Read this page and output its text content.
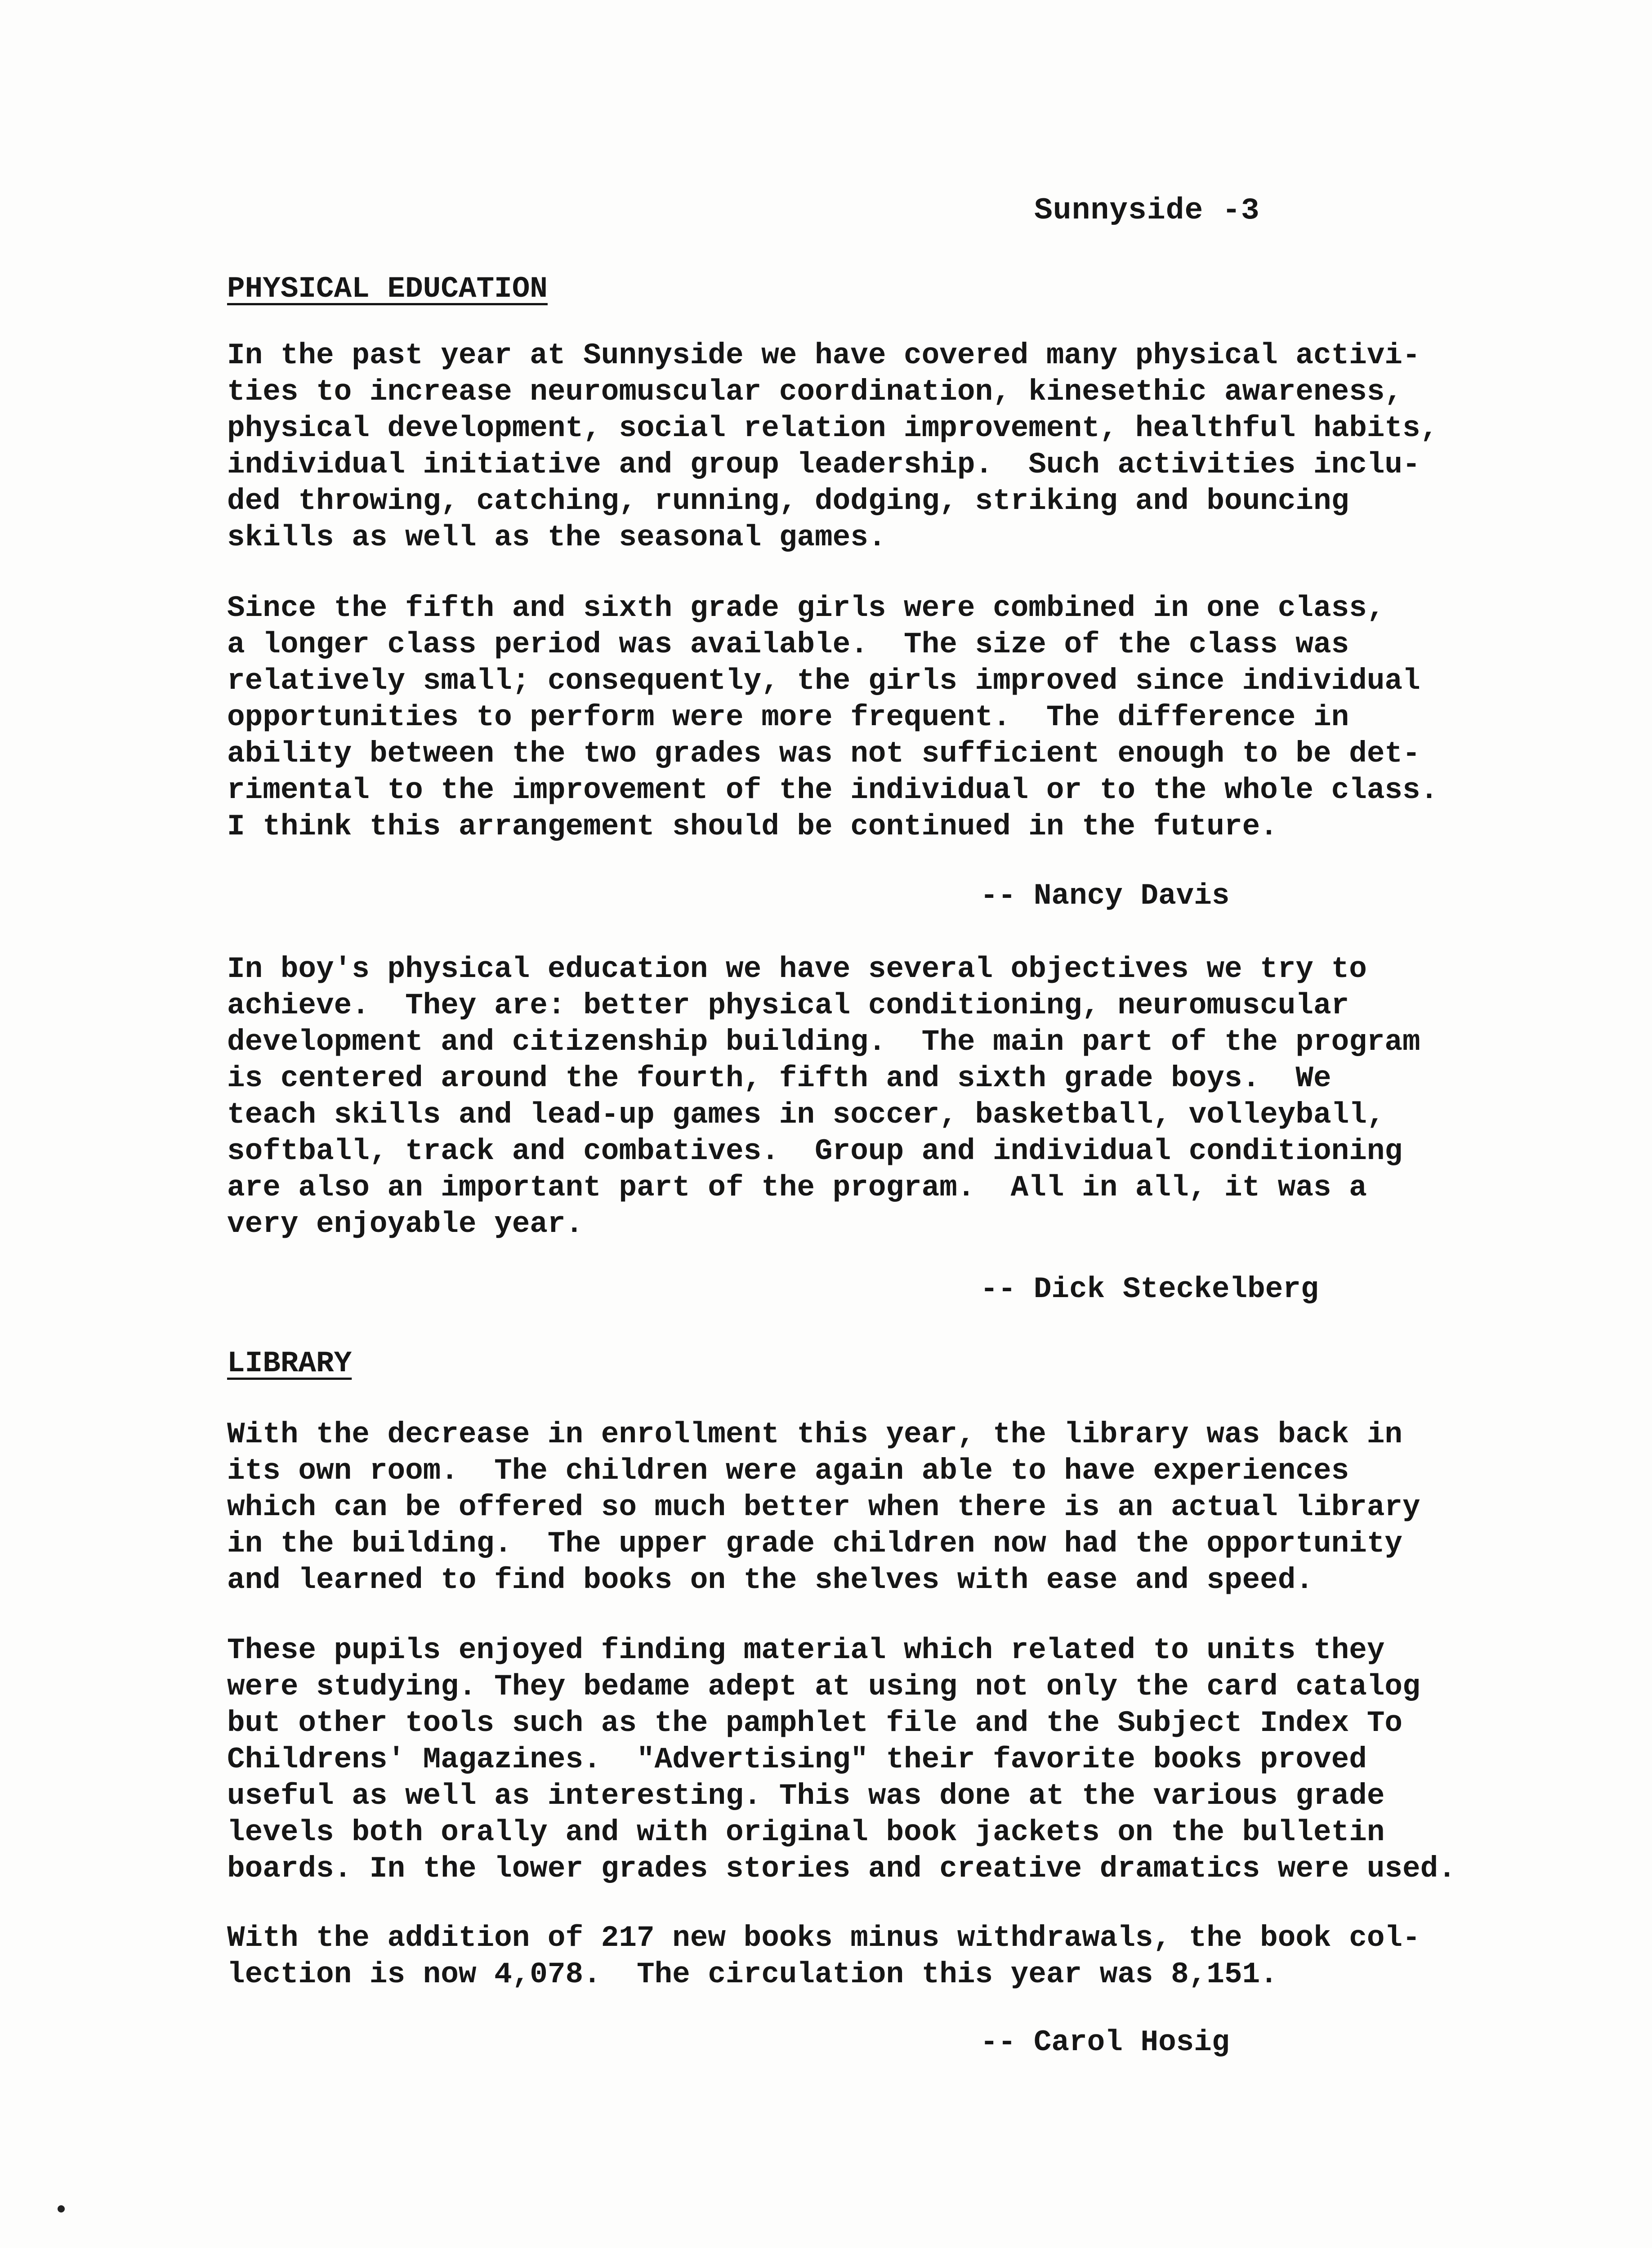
Sunnyside -3
PHYSICAL EDUCATION
In the past year at Sunnyside we have covered many physical activi-
ties to increase neuromuscular coordination, kinesethic awareness,
physical development, social relation improvement, healthful habits,
individual initiative and group leadership.  Such activities inclu-
ded throwing, catching, running, dodging, striking and bouncing
skills as well as the seasonal games.
Since the fifth and sixth grade girls were combined in one class,
a longer class period was available.  The size of the class was
relatively small; consequently, the girls improved since individual
opportunities to perform were more frequent.  The difference in
ability between the two grades was not sufficient enough to be det-
rimental to the improvement of the individual or to the whole class.
I think this arrangement should be continued in the future.
-- Nancy Davis
In boy's physical education we have several objectives we try to
achieve.  They are: better physical conditioning, neuromuscular
development and citizenship building.  The main part of the program
is centered around the fourth, fifth and sixth grade boys.  We
teach skills and lead-up games in soccer, basketball, volleyball,
softball, track and combatives.  Group and individual conditioning
are also an important part of the program.  All in all, it was a
very enjoyable year.
-- Dick Steckelberg
LIBRARY
With the decrease in enrollment this year, the library was back in
its own room.  The children were again able to have experiences
which can be offered so much better when there is an actual library
in the building.  The upper grade children now had the opportunity
and learned to find books on the shelves with ease and speed.
These pupils enjoyed finding material which related to units they
were studying. They bedame adept at using not only the card catalog
but other tools such as the pamphlet file and the Subject Index To
Childrens' Magazines.  "Advertising" their favorite books proved
useful as well as interesting. This was done at the various grade
levels both orally and with original book jackets on the bulletin
boards. In the lower grades stories and creative dramatics were used.
With the addition of 217 new books minus withdrawals, the book col-
lection is now 4,078.  The circulation this year was 8,151.
-- Carol Hosig
